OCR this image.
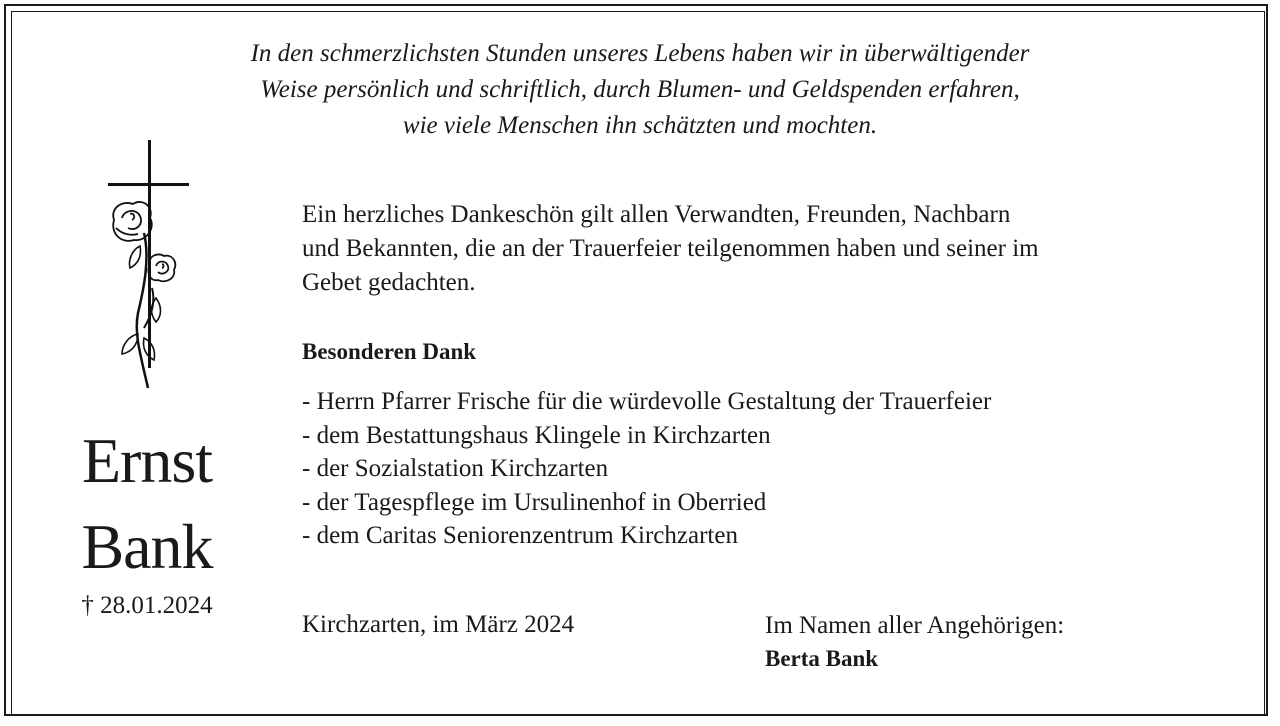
In den schmerzlichsten Stunden unseres Lebens haben wir in überwältigender
Weise persönlich und schriftlich, durch Blumen- und Geldspenden erfahren,
wie viele Menschen ihn schätzten und mochten.
Ernst
Bank
† 28.01.2024
Ein herzliches Dankeschön gilt allen Verwandten, Freunden, Nachbarn
und Bekannten, die an der Trauerfeier teilgenommen haben und seiner im
Gebet gedachten.
Besonderen Dank
- Herrn Pfarrer Frische für die würdevolle Gestaltung der Trauerfeier
- dem Bestattungshaus Klingele in Kirchzarten
- der Sozialstation Kirchzarten
- der Tagespflege im Ursulinenhof in Oberried
- dem Caritas Seniorenzentrum Kirchzarten
Kirchzarten, im März 2024	Im Namen aller Angehörigen:
Berta Bank
